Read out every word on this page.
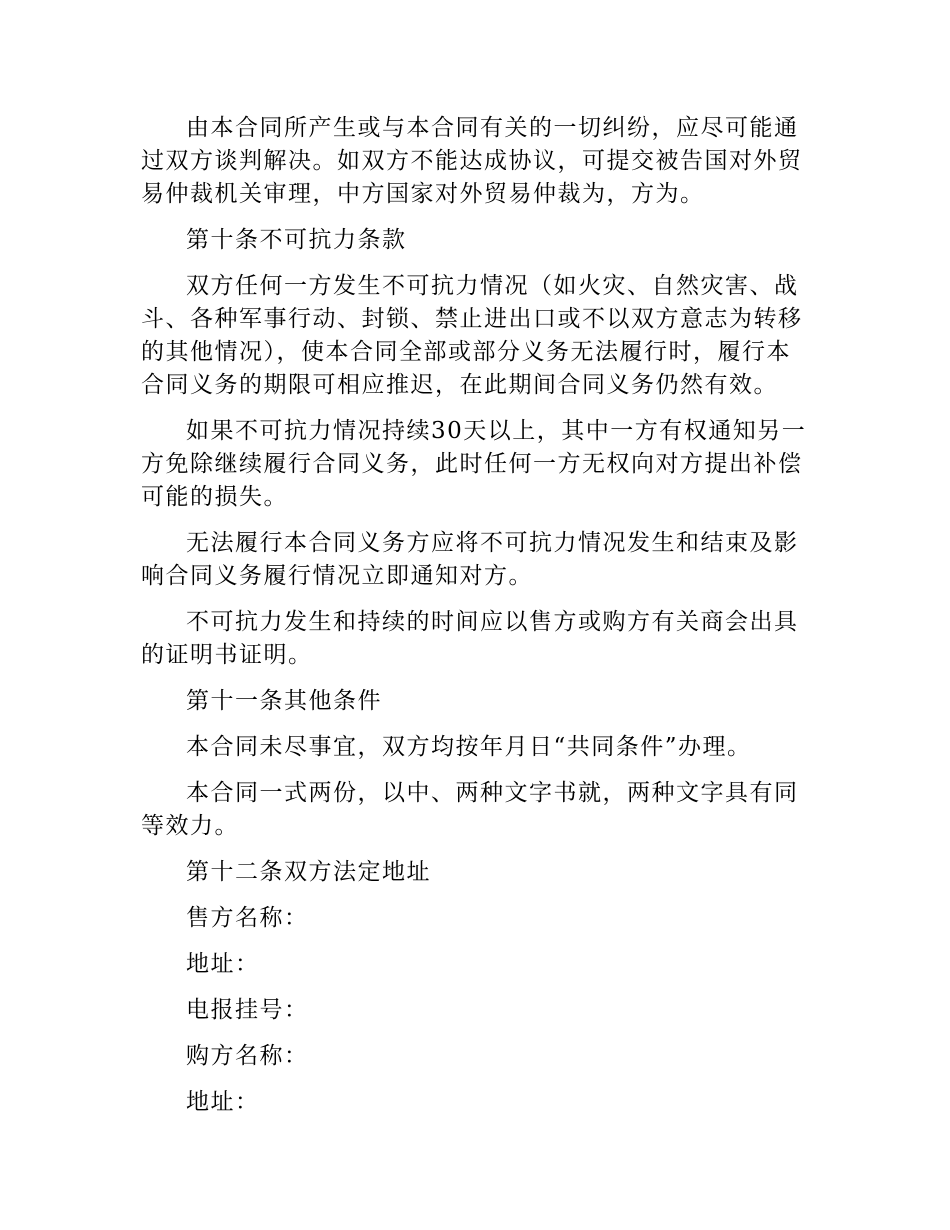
由本合同所产生或与本合同有关的一切纠纷，应尽可能通过双方谈判解决。如双方不能达成协议，可提交被告国对外贸易仲裁机关审理，中方国家对外贸易仲裁为，方为。

第十条不可抗力条款

双方任何一方发生不可抗力情况（如火灾、自然灾害、战斗、各种军事行动、封锁、禁止进出口或不以双方意志为转移的其他情况），使本合同全部或部分义务无法履行时，履行本合同义务的期限可相应推迟，在此期间合同义务仍然有效。

如果不可抗力情况持续30天以上，其中一方有权通知另一方免除继续履行合同义务，此时任何一方无权向对方提出补偿可能的损失。

无法履行本合同义务方应将不可抗力情况发生和结束及影响合同义务履行情况立即通知对方。

不可抗力发生和持续的时间应以售方或购方有关商会出具的证明书证明。

第十一条其他条件

本合同未尽事宜，双方均按年月日“共同条件”办理。

本合同一式两份，以中、两种文字书就，两种文字具有同等效力。

第十二条双方法定地址

售方名称：

地址：

电报挂号：

购方名称：

地址：
